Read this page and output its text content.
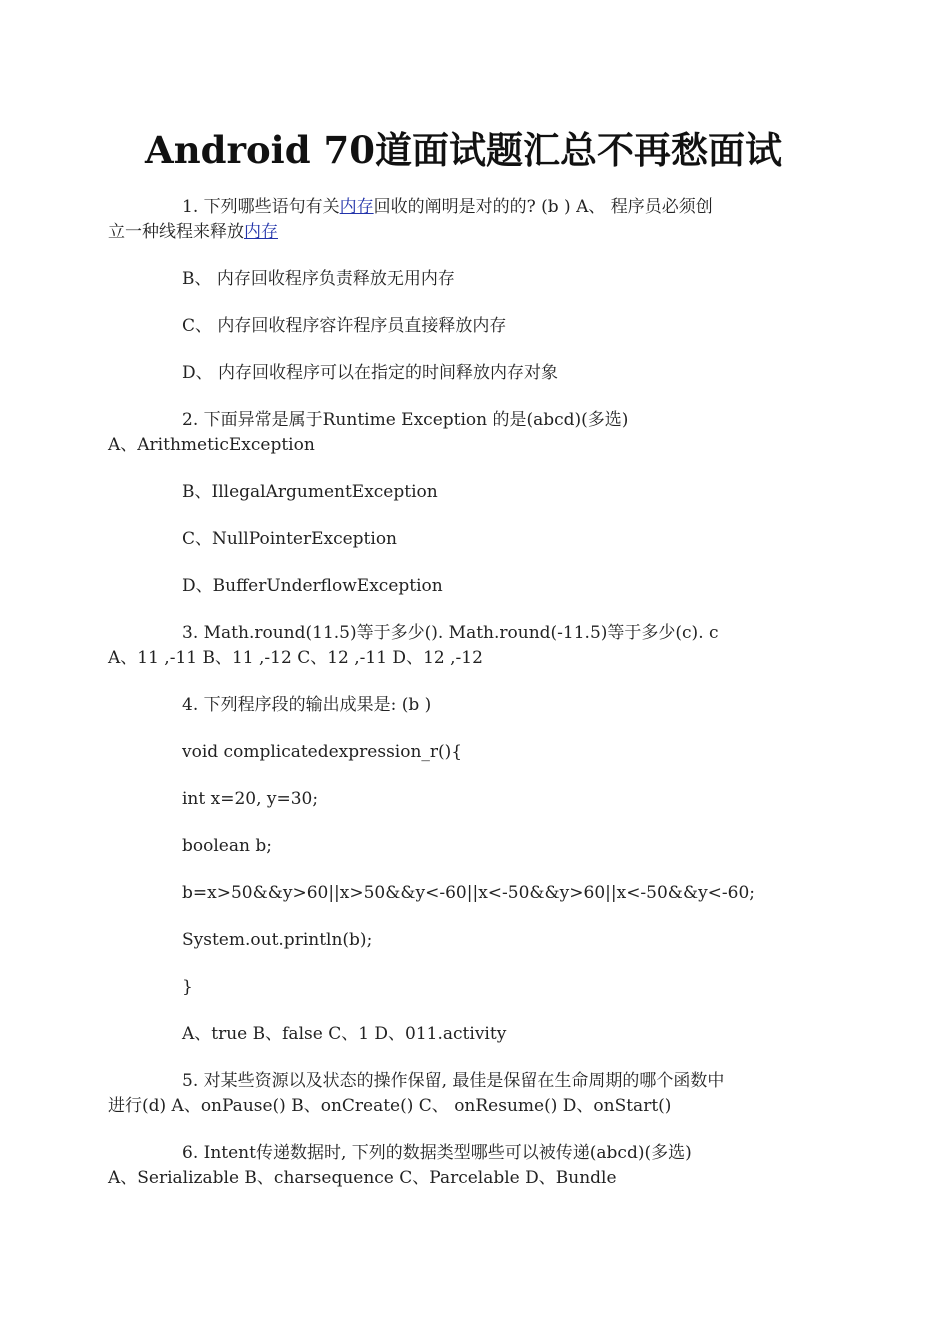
Android 70道面试题汇总不再愁面试
1. 下列哪些语句有关内存回收的阐明是对的的? (b ) A、 程序员必须创
立一种线程来释放内存
B、 内存回收程序负责释放无用内存
C、 内存回收程序容许程序员直接释放内存
D、 内存回收程序可以在指定的时间释放内存对象
2. 下面异常是属于Runtime Exception 的是(abcd)(多选)
A、ArithmeticException
B、IllegalArgumentException
C、NullPointerException
D、BufferUnderflowException
3. Math.round(11.5)等于多少(). Math.round(-11.5)等于多少(c). c
A、11 ,-11 B、11 ,-12 C、12 ,-11 D、12 ,-12
4. 下列程序段的输出成果是: (b )
void complicatedexpression_r(){
int x=20, y=30;
boolean b;
b=x>50&&y>60||x>50&&y<-60||x<-50&&y>60||x<-50&&y<-60;
System.out.println(b);
}
A、true B、false C、1 D、011.activity
5. 对某些资源以及状态的操作保留, 最佳是保留在生命周期的哪个函数中
进行(d) A、onPause() B、onCreate() C、 onResume() D、onStart()
6. Intent传递数据时, 下列的数据类型哪些可以被传递(abcd)(多选)
A、Serializable B、charsequence C、Parcelable D、Bundle
